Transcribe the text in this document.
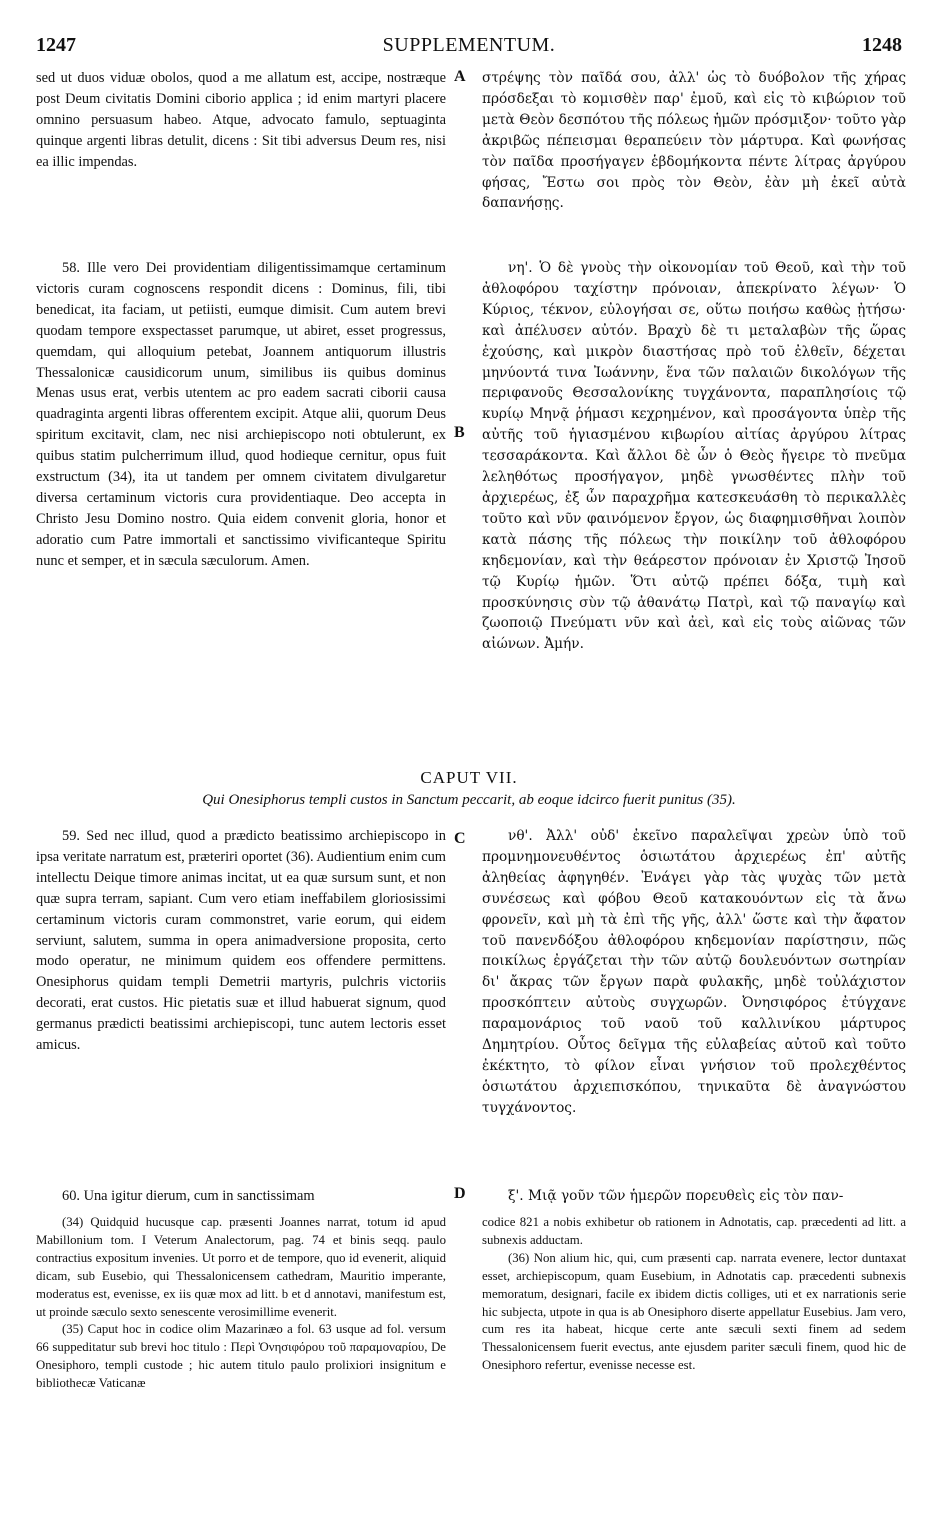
1247	SUPPLEMENTUM.	1248

sed ut duos viduæ obolos, quod a me allatum est, accipe, nostræque post Deum civitatis Domini ciborio applica ; id enim martyri placere omnino persuasum habeo. Atque, advocato famulo, septuaginta quinque argenti libras detulit, dicens : Sit tibi adversus Deum res, nisi ea illic impendas.

58. Ille vero Dei providentiam diligentissimamque certaminum victoris curam cognoscens respondit dicens : Dominus, fili, tibi benedicat, ita faciam, ut petiisti, eumque dimisit. Cum autem brevi quodam tempore exspectasset parumque, ut abiret, esset progressus, quemdam, qui alloquium petebat, Joannem antiquorum illustris Thessalonicæ causidicorum unum, similibus iis quibus dominus Menas usus erat, verbis utentem ac pro eadem sacrati ciborii causa quadraginta argenti libras offerentem excipit. Atque alii, quorum Deus spiritum excitavit, clam, nec nisi archiepiscopo noti obtulerunt, ex quibus statim pulcherrimum illud, quod hodieque cernitur, opus fuit exstructum (34), ita ut tandem per omnem civitatem divulgaretur diversa certaminum victoris cura providentiaque. Deo accepta in Christo Jesu Domino nostro. Quia eidem convenit gloria, honor et adoratio cum Patre immortali et sanctissimo vivificanteque Spiritu nunc et semper, et in sæcula sæculorum. Amen.

στρέψης τὸν παῖδά σου, ἀλλ' ὡς τὸ δυόβολον τῆς χήρας πρόσδεξαι τὸ κομισθὲν παρ' ἐμοῦ, καὶ εἰς τὸ κιβώριον τοῦ μετὰ Θεὸν δεσπότου τῆς πόλεως ἡμῶν πρόσμιξον· τοῦτο γὰρ ἀκριβῶς πέπεισμαι θεραπεύειν τὸν μάρτυρα. Καὶ φωνήσας τὸν παῖδα προσήγαγεν ἑβδομήκοντα πέντε λίτρας ἀργύρου φήσας, Ἔστω σοι πρὸς τὸν Θεὸν, ἐὰν μὴ ἐκεῖ αὐτὰ δαπανήσῃς.

νη'. Ὁ δὲ γνοὺς τὴν οἰκονομίαν τοῦ Θεοῦ, καὶ τὴν τοῦ ἀθλοφόρου ταχίστην πρόνοιαν, ἀπεκρίνατο λέγων· Ὁ Κύριος, τέκνον, εὐλογήσαι σε, οὕτω ποιήσω καθὼς ᾐτήσω· καὶ ἀπέλυσεν αὐτόν. Βραχὺ δὲ τι μεταλαβὼν τῆς ὥρας ἐχούσης, καὶ μικρὸν διαστήσας πρὸ τοῦ ἐλθεῖν, δέχεται μηνύοντά τινα Ἰωάννην, ἕνα τῶν παλαιῶν δικολόγων τῆς περιφανοῦς Θεσσαλονίκης τυγχάνοντα, παραπλησίοις τῷ κυρίῳ Μηνᾷ ῥήμασι κεχρημένον, καὶ προσάγοντα ὑπὲρ τῆς αὐτῆς τοῦ ἡγιασμένου κιβωρίου αἰτίας ἀργύρου λίτρας τεσσαράκοντα. Καὶ ἄλλοι δὲ ὧν ὁ Θεὸς ἤγειρε τὸ πνεῦμα λεληθότως προσήγαγον, μηδὲ γνωσθέντες πλὴν τοῦ ἀρχιερέως, ἐξ ὧν παραχρῆμα κατεσκευάσθη τὸ περικαλλὲς τοῦτο καὶ νῦν φαινόμενον ἔργον, ὡς διαφημισθῆναι λοιπὸν κατὰ πάσης τῆς πόλεως τὴν ποικίλην τοῦ ἀθλοφόρου κηδεμονίαν, καὶ τὴν θεάρεστον πρόνοιαν ἐν Χριστῷ Ἰησοῦ τῷ Κυρίῳ ἡμῶν. Ὅτι αὐτῷ πρέπει δόξα, τιμὴ καὶ προσκύνησις σὺν τῷ ἀθανάτῳ Πατρὶ, καὶ τῷ παναγίῳ καὶ ζωοποιῷ Πνεύματι νῦν καὶ ἀεὶ, καὶ εἰς τοὺς αἰῶνας τῶν αἰώνων. Ἀμήν.

A
B
C
D
CAPUT VII.
Qui Onesiphorus templi custos in Sanctum peccarit, ab eoque idcirco fuerit punitus (35).

59. Sed nec illud, quod a prædicto beatissimo archiepiscopo in ipsa veritate narratum est, præteriri oportet (36). Audientium enim cum intellectu Deique timore animas incitat, ut ea quæ sursum sunt, et non quæ supra terram, sapiant. Cum vero etiam ineffabilem gloriosissimi certaminum victoris curam commonstret, varie eorum, qui eidem serviunt, salutem, summa in opera animadversione proposita, certo modo operatur, ne minimum quidem eos offendere permittens. Onesiphorus quidam templi Demetrii martyris, pulchris victoriis decorati, erat custos. Hic pietatis suæ et illud habuerat signum, quod germanus prædicti beatissimi archiepiscopi, tunc autem lectoris esset amicus.

νθ'. Ἀλλ' οὐδ' ἐκεῖνο παραλεῖψαι χρεὼν ὑπὸ τοῦ προμνημονευθέντος ὁσιωτάτου ἀρχιερέως ἐπ' αὐτῆς ἀληθείας ἀφηγηθέν. Ἐνάγει γὰρ τὰς ψυχὰς τῶν μετὰ συνέσεως καὶ φόβου Θεοῦ κατακουόντων εἰς τὰ ἄνω φρονεῖν, καὶ μὴ τὰ ἐπὶ τῆς γῆς, ἀλλ' ὥστε καὶ τὴν ἄφατον τοῦ πανενδόξου ἀθλοφόρου κηδεμονίαν παρίστησιν, πῶς ποικίλως ἐργάζεται τὴν τῶν αὐτῷ δουλευόντων σωτηρίαν δι' ἄκρας τῶν ἔργων παρὰ φυλακῆς, μηδὲ τοὐλάχιστον προσκόπτειν αὐτοὺς συγχωρῶν. Ὀνησιφόρος ἐτύγχανε παραμονάριος τοῦ ναοῦ τοῦ καλλινίκου μάρτυρος Δημητρίου. Οὗτος δεῖγμα τῆς εὐλαβείας αὐτοῦ καὶ τοῦτο ἐκέκτητο, τὸ φίλον εἶναι γνήσιον τοῦ προλεχθέντος ὁσιωτάτου ἀρχιεπισκόπου, τηνικαῦτα δὲ ἀναγνώστου τυγχάνοντος.

60. Una igitur dierum, cum in sanctissimam	ξ'. Μιᾷ γοῦν τῶν ἡμερῶν πορευθεὶς εἰς τὸν παν-

(34) Quidquid hucusque cap. præsenti Joannes narrat, totum id apud Mabillonium tom. I Veterum Analectorum, pag. 74 et binis seqq. paulo contractius expositum invenies. Ut porro et de tempore, quo id evenerit, aliquid dicam, sub Eusebio, qui Thessalonicensem cathedram, Mauritio imperante, moderatus est, evenisse, ex iis quæ mox ad litt. b et d annotavi, manifestum est, ut proinde sæculo sexto senescente verosimillime evenerit.

(35) Caput hoc in codice olim Mazarinæo a fol. 63 usque ad fol. versum 66 suppeditatur sub brevi hoc titulo : Περὶ Ὀνησιφόρου τοῦ παραμοναρίου, De Onesiphoro, templi custode ; hic autem titulo paulo prolixiori insignitum e bibliothecæ Vaticanæ

codice 821 a nobis exhibetur ob rationem in Adnotatis, cap. præcedenti ad litt. a subnexis adductam.

(36) Non alium hic, qui, cum præsenti cap. narrata evenere, lector duntaxat esset, archiepiscopum, quam Eusebium, in Adnotatis cap. præcedenti subnexis memoratum, designari, facile ex ibidem dictis colliges, uti et ex narrationis serie hic subjecta, utpote in qua is ab Onesiphoro diserte appellatur Eusebius. Jam vero, cum res ita habeat, hicque certe ante sæculi sexti finem ad sedem Thessalonicensem fuerit evectus, ante ejusdem pariter sæculi finem, quod hic de Onesiphoro refertur, evenisse necesse est.
